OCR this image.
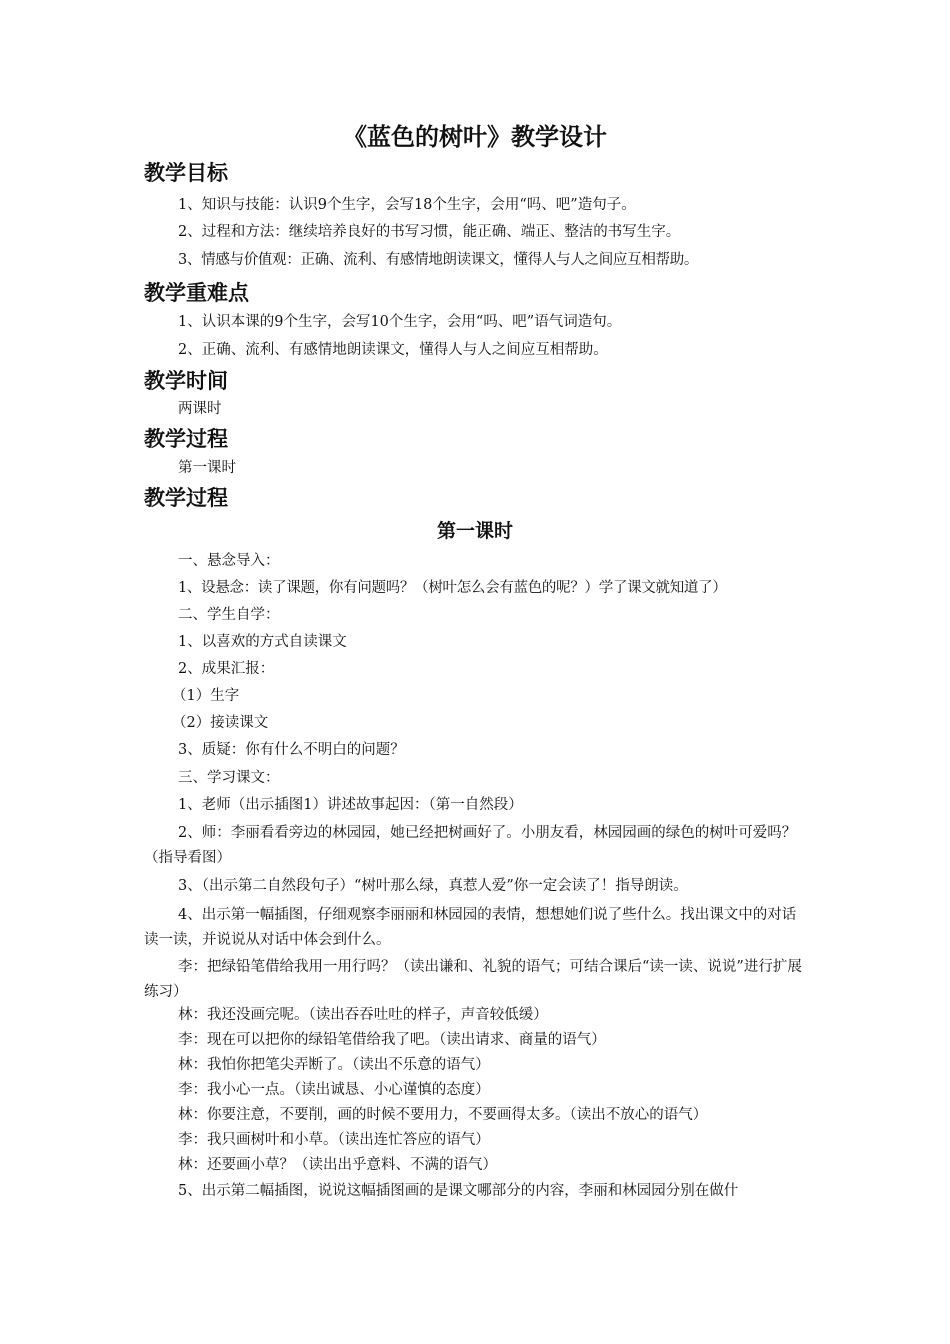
《蓝色的树叶》教学设计
教学目标
1、知识与技能：认识9个生字，会写18个生字，会用“吗、吧”造句子。
2、过程和方法：继续培养良好的书写习惯，能正确、端正、整洁的书写生字。
3、情感与价值观：正确、流利、有感情地朗读课文，懂得人与人之间应互相帮助。
教学重难点
1、认识本课的9个生字，会写10个生字，会用“吗、吧”语气词造句。
2、正确、流利、有感情地朗读课文，懂得人与人之间应互相帮助。
教学时间
两课时
教学过程
第一课时
教学过程
第一课时
一、悬念导入：
1、设悬念：读了课题，你有问题吗？（树叶怎么会有蓝色的呢？）学了课文就知道了）
二、学生自学：
1、以喜欢的方式自读课文
2、成果汇报：
（1）生字
（2）接读课文
3、质疑：你有什么不明白的问题？
三、学习课文：
1、老师（出示插图1）讲述故事起因：（第一自然段）
2、师：李丽看看旁边的林园园，她已经把树画好了。小朋友看，林园园画的绿色的树叶可爱吗？（指导看图）
3、（出示第二自然段句子）“树叶那么绿，真惹人爱”你一定会读了！指导朗读。
4、出示第一幅插图，仔细观察李丽丽和林园园的表情，想想她们说了些什么。找出课文中的对话读一读，并说说从对话中体会到什么。
李：把绿铅笔借给我用一用行吗？（读出谦和、礼貌的语气；可结合课后“读一读、说说”进行扩展练习）
林：我还没画完呢。（读出吞吞吐吐的样子，声音较低缓）
李：现在可以把你的绿铅笔借给我了吧。（读出请求、商量的语气）
林：我怕你把笔尖弄断了。（读出不乐意的语气）
李：我小心一点。（读出诚恳、小心谨慎的态度）
林：你要注意，不要削，画的时候不要用力，不要画得太多。（读出不放心的语气）
李：我只画树叶和小草。（读出连忙答应的语气）
林：还要画小草？（读出出乎意料、不满的语气）
5、出示第二幅插图，说说这幅插图画的是课文哪部分的内容，李丽和林园园分别在做什
